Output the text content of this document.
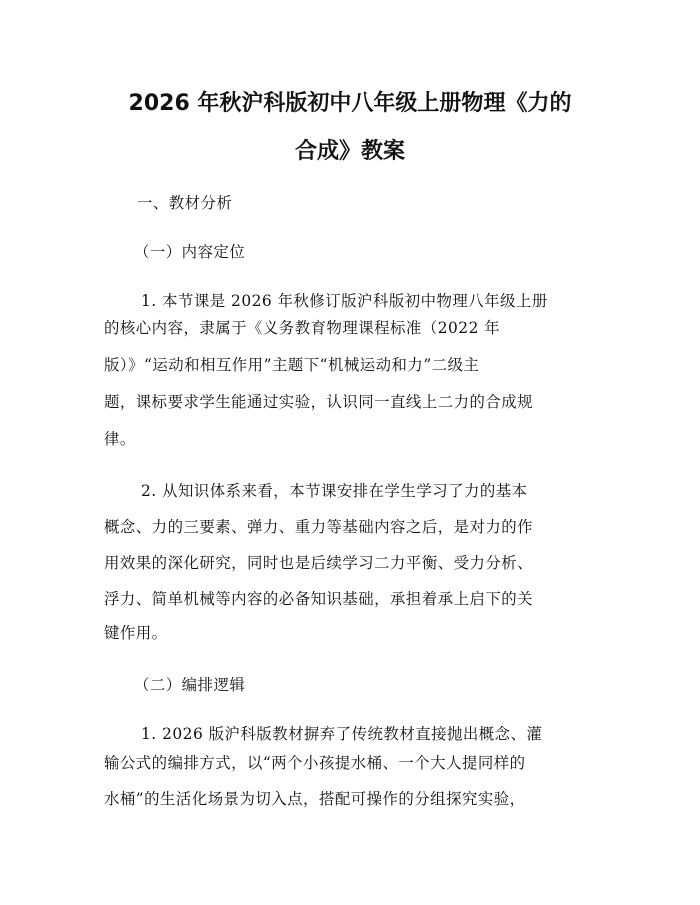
2026 年秋沪科版初中八年级上册物理《力的
合成》教案
一、教材分析
（一）内容定位
1. 本节课是 2026 年秋修订版沪科版初中物理八年级上册
的核心内容，隶属于《义务教育物理课程标准（2022 年
版）》“运动和相互作用”主题下“机械运动和力”二级主
题，课标要求学生能通过实验，认识同一直线上二力的合成规
律。
2. 从知识体系来看，本节课安排在学生学习了力的基本
概念、力的三要素、弹力、重力等基础内容之后，是对力的作
用效果的深化研究，同时也是后续学习二力平衡、受力分析、
浮力、简单机械等内容的必备知识基础，承担着承上启下的关
键作用。
（二）编排逻辑
1. 2026 版沪科版教材摒弃了传统教材直接抛出概念、灌
输公式的编排方式，以“两个小孩提水桶、一个大人提同样的
水桶”的生活化场景为切入点，搭配可操作的分组探究实验，
